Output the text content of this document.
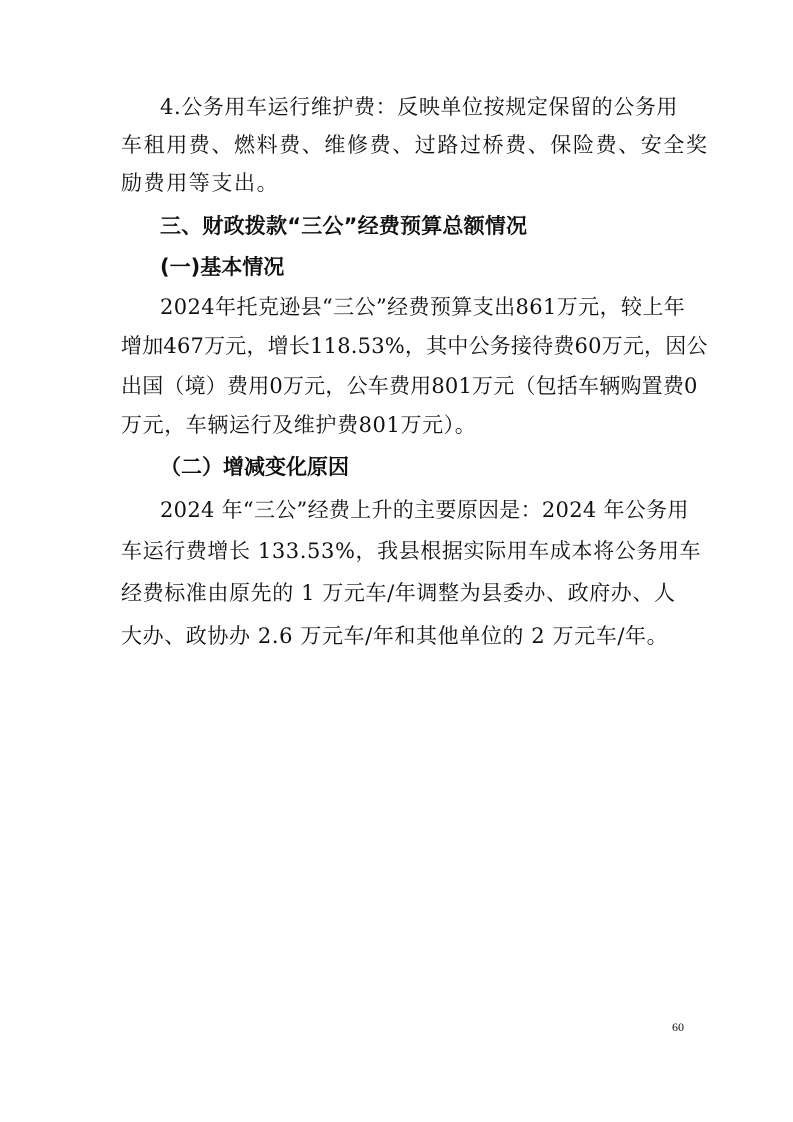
4.公务用车运行维护费：反映单位按规定保留的公务用

车租用费、燃料费、维修费、过路过桥费、保险费、安全奖

励费用等支出。

三、财政拨款“三公”经费预算总额情况

(一)基本情况

2024年托克逊县“三公”经费预算支出861万元，较上年

增加467万元，增长118.53%，其中公务接待费60万元，因公

出国（境）费用0万元，公车费用801万元（包括车辆购置费0

万元，车辆运行及维护费801万元）。

（二）增减变化原因

2024 年“三公”经费上升的主要原因是：2024 年公务用

车运行费增长 133.53%，我县根据实际用车成本将公务用车

经费标准由原先的 1 万元车/年调整为县委办、政府办、人

大办、政协办 2.6 万元车/年和其他单位的 2 万元车/年。

60
